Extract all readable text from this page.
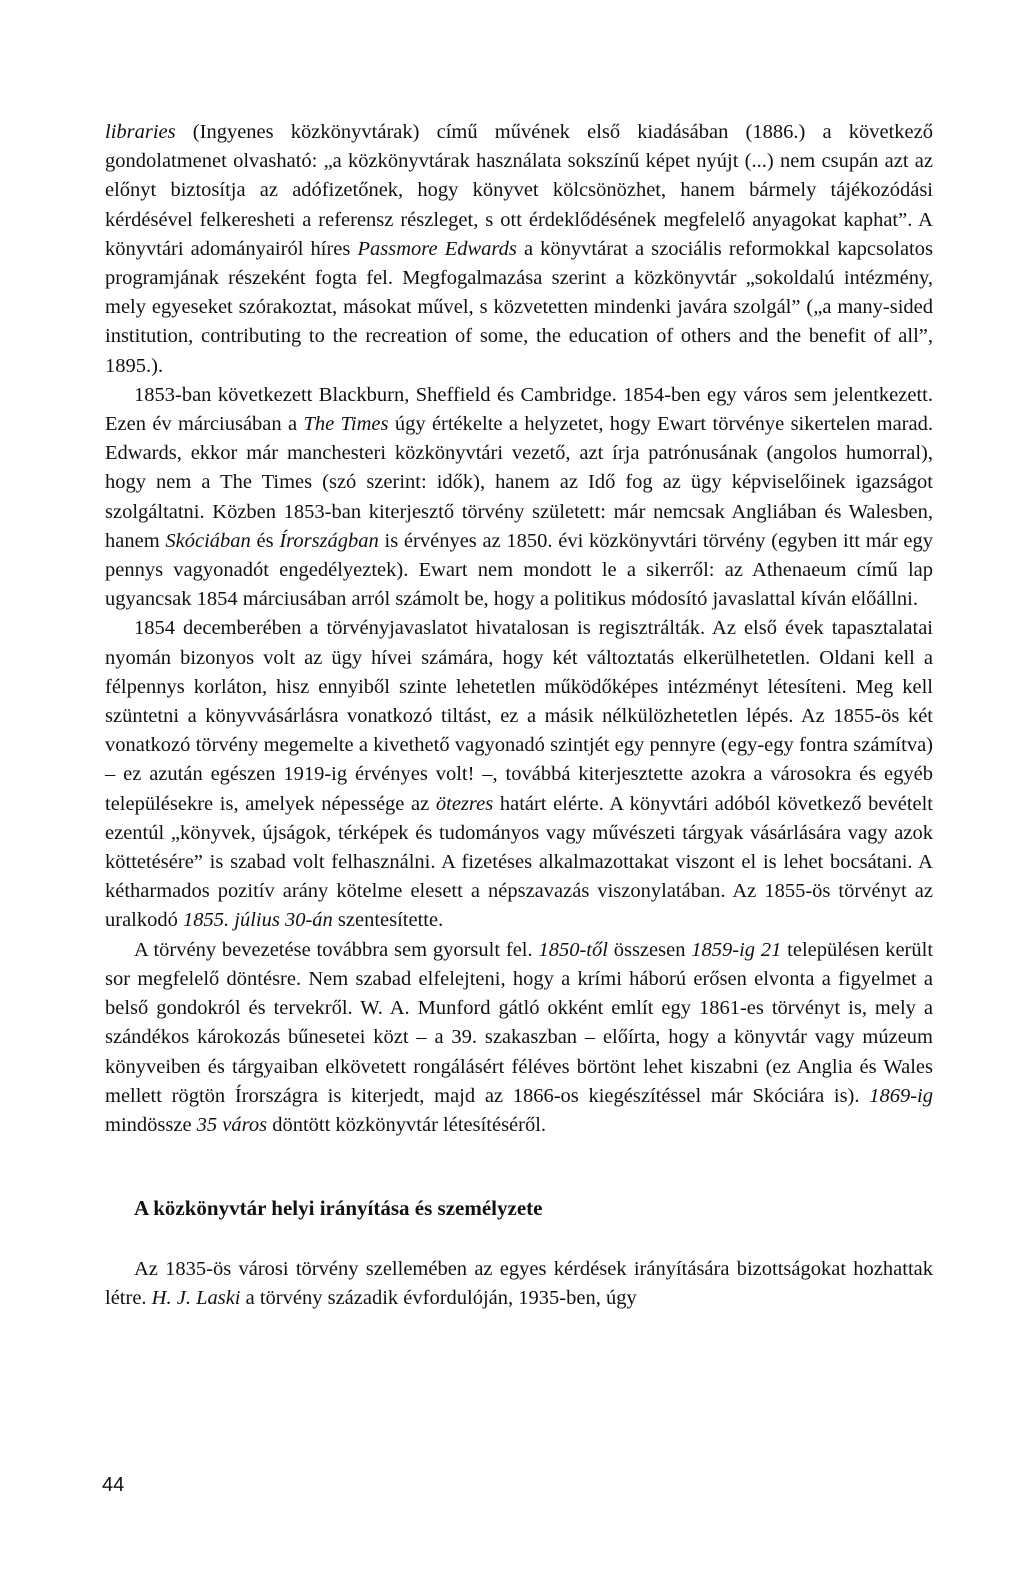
libraries (Ingyenes közkönyvtárak) című művének első kiadásában (1886.) a következő gondolatmenet olvasható: „a közkönyvtárak használata sokszínű képet nyújt (...) nem csupán azt az előnyt biztosítja az adófizetőnek, hogy könyvet kölcsönözhet, hanem bármely tájékozódási kérdésével felkeresheti a referensz részleget, s ott érdeklődésének megfelelő anyagokat kaphat”. A könyvtári adományairól híres Passmore Edwards a könyvtárat a szociális reformokkal kapcsolatos programjának részeként fogta fel. Megfogalmazása szerint a közkönyvtár „sokoldalú intézmény, mely egyeseket szórakoztat, másokat művel, s közvetetten mindenki javára szolgál” („a many-sided institution, contributing to the recreation of some, the education of others and the benefit of all”, 1895.).

1853-ban következett Blackburn, Sheffield és Cambridge. 1854-ben egy város sem jelentkezett. Ezen év márciusában a The Times úgy értékelte a helyzetet, hogy Ewart törvénye sikertelen marad. Edwards, ekkor már manchesteri közkönyvtári vezető, azt írja patrónusának (angolos humorral), hogy nem a The Times (szó szerint: idők), hanem az Idő fog az ügy képviselőinek igazságot szolgáltatni. Közben 1853-ban kiterjesztő törvény született: már nemcsak Angliában és Walesben, hanem Skóciában és Írországban is érvényes az 1850. évi közkönyvtári törvény (egyben itt már egy pennys vagyonadót engedélyeztek). Ewart nem mondott le a sikerről: az Athenaeum című lap ugyancsak 1854 márciusában arról számolt be, hogy a politikus módosító javaslattal kíván előállni.

1854 decemberében a törvényjavaslatot hivatalosan is regisztrálták. Az első évek tapasztalatai nyomán bizonyos volt az ügy hívei számára, hogy két változtatás elkerülhetetlen. Oldani kell a félpennys korláton, hisz ennyiből szinte lehetetlen működőképes intézményt létesíteni. Meg kell szüntetni a könyvvásárlásra vonatkozó tiltást, ez a másik nélkülözhetetlen lépés. Az 1855-ös két vonatkozó törvény megemelte a kivethető vagyonadó szintjét egy pennyre (egy-egy fontra számítva) – ez azután egészen 1919-ig érvényes volt! –, továbbá kiterjesztette azokra a városokra és egyéb településekre is, amelyek népessége az ötezres határt elérte. A könyvtári adóból következő bevételt ezentúl „könyvek, újságok, térképek és tudományos vagy művészeti tárgyak vásárlására vagy azok köttetésére” is szabad volt felhasználni. A fizetéses alkalmazottakat viszont el is lehet bocsátani. A kétharmados pozitív arány kötelme elesett a népszavazás viszonylatában. Az 1855-ös törvényt az uralkodó 1855. július 30-án szentesítette.

A törvény bevezetése továbbra sem gyorsult fel. 1850-től összesen 1859-ig 21 településen került sor megfelelő döntésre. Nem szabad elfelejteni, hogy a krími háború erősen elvonta a figyelmet a belső gondokról és tervekről. W. A. Munford gátló okként említ egy 1861-es törvényt is, mely a szándékos károkozás bűnesetei közt – a 39. szakaszban – előírta, hogy a könyvtár vagy múzeum könyveiben és tárgyaiban elkövetett rongálásért féléves börtönt lehet kiszabni (ez Anglia és Wales mellett rögtön Írországra is kiterjedt, majd az 1866-os kiegészítéssel már Skóciára is). 1869-ig mindössze 35 város döntött közkönyvtár létesítéséről.

A közkönyvtár helyi irányítása és személyzete

Az 1835-ös városi törvény szellemében az egyes kérdések irányítására bizottságokat hozhattak létre. H. J. Laski a törvény századik évfordulóján, 1935-ben, úgy

44
